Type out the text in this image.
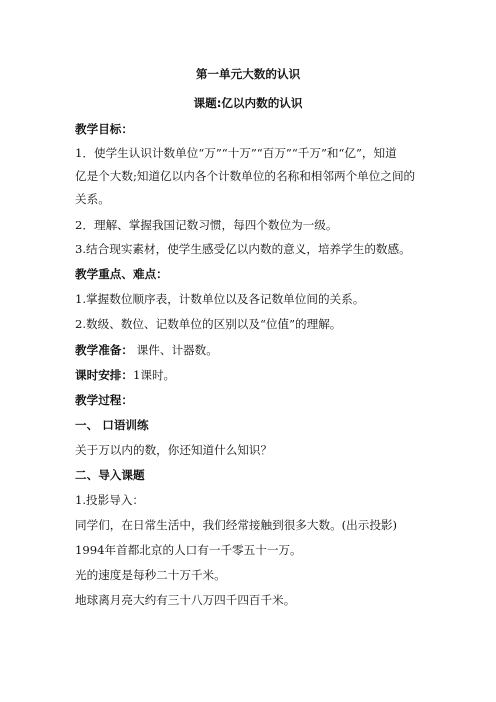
第一单元大数的认识
课题:亿以内数的认识
教学目标：
1．使学生认识计数单位“万”“十万”“百万”“千万”和“亿”，知道
亿是个大数;知道亿以内各个计数单位的名称和相邻两个单位之间的
关系。
2．理解、掌握我国记数习惯，每四个数位为一级。
3.结合现实素材，使学生感受亿以内数的意义，培养学生的数感。
教学重点、难点：
1.掌握数位顺序表，计数单位以及各记数单位间的关系。
2.数级、数位、记数单位的区别以及“位值”的理解。
教学准备： 课件、计器数。
课时安排：1课时。
教学过程：
一、 口语训练
关于万以内的数，你还知道什么知识？
二、导入课题
1.投影导入：
同学们，在日常生活中，我们经常接触到很多大数。(出示投影)
1994年首都北京的人口有一千零五十一万。
光的速度是每秒二十万千米。
地球离月亮大约有三十八万四千四百千米。
